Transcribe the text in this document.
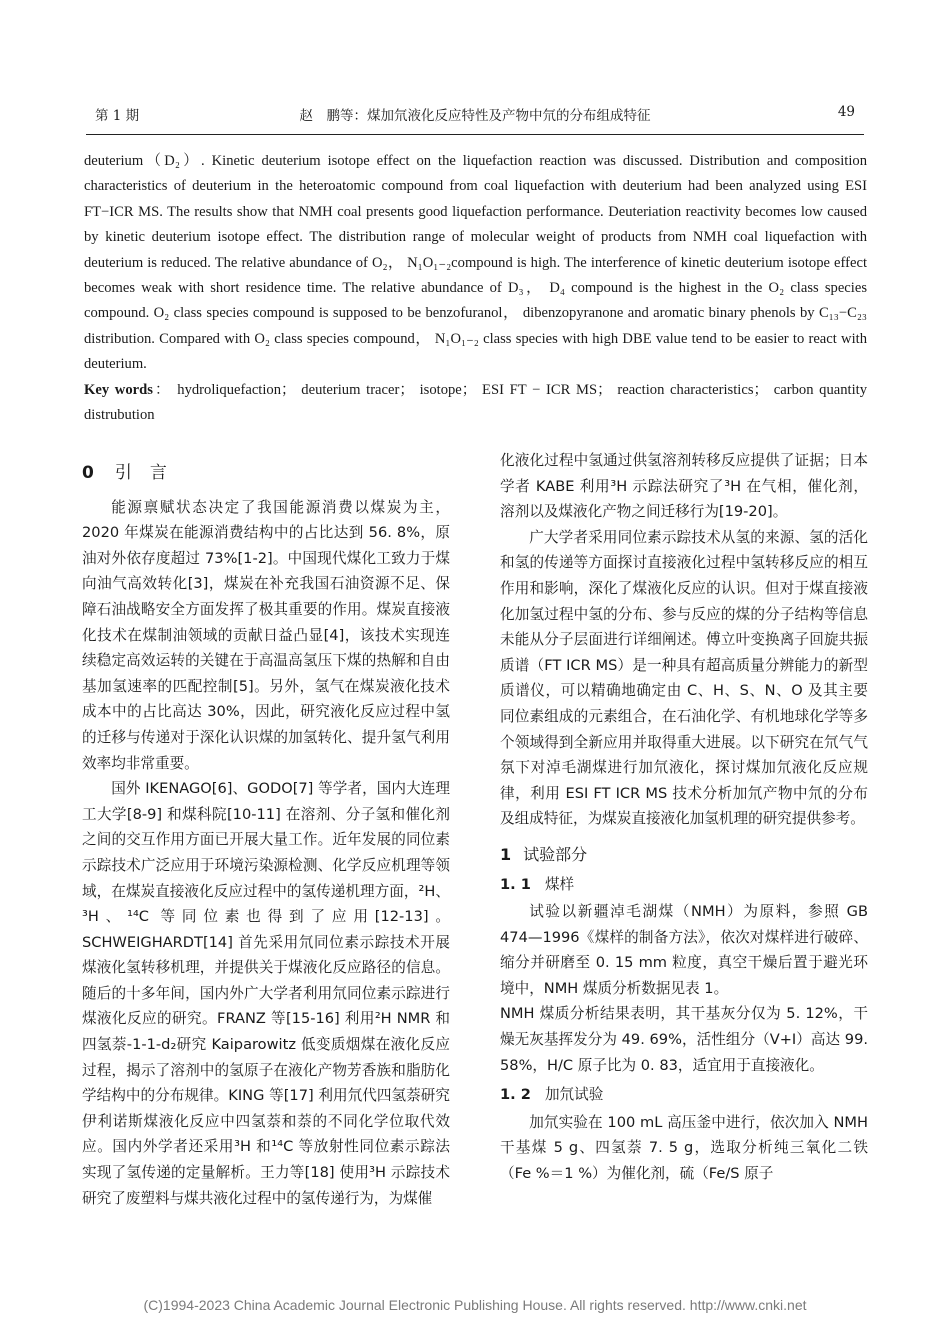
第 1 期	赵　鹏等：煤加氘液化反应特性及产物中氘的分布组成特征	49

deuterium（D₂）. Kinetic deuterium isotope effect on the liquefaction reaction was discussed. Distribution and composition characteristics of deuterium in the heteroatomic compound from coal liquefaction with deuterium had been analyzed using ESI FT−ICR MS. The results show that NMH coal presents good liquefaction performance. Deuteriation reactivity becomes low caused by kinetic deuterium isotope effect. The distribution range of molecular weight of products from NMH coal liquefaction with deuterium is reduced. The relative abundance of O₂， N₁O₁₋₂compound is high. The interference of kinetic deuterium isotope effect becomes weak with short residence time. The relative abundance of D₃， D₄ compound is the highest in the O₂ class species compound. O₂ class species compound is supposed to be benzofuranol， dibenzopyranone and aromatic binary phenols by C₁₃−C₂₃ distribution. Compared with O₂ class species compound， N₁O₁₋₂ class species with high DBE value tend to be easier to react with deuterium.

Key words： hydroliquefaction； deuterium tracer； isotope； ESI FT − ICR MS； reaction characteristics； carbon quantity distrubution

0 引言

能源禀赋状态决定了我国能源消费以煤炭为主，2020 年煤炭在能源消费结构中的占比达到 56. 8%，原油对外依存度超过 73%[1-2]。中国现代煤化工致力于煤向油气高效转化[3]，煤炭在补充我国石油资源不足、保障石油战略安全方面发挥了极其重要的作用。煤炭直接液化技术在煤制油领域的贡献日益凸显[4]，该技术实现连续稳定高效运转的关键在于高温高氢压下煤的热解和自由基加氢速率的匹配控制[5]。另外，氢气在煤炭液化技术成本中的占比高达 30%，因此，研究液化反应过程中氢的迁移与传递对于深化认识煤的加氢转化、提升氢气利用效率均非常重要。

国外 IKENAGO[6]、GODO[7] 等学者，国内大连理工大学[8-9] 和煤科院[10-11] 在溶剂、分子氢和催化剂之间的交互作用方面已开展大量工作。近年发展的同位素示踪技术广泛应用于环境污染源检测、化学反应机理等领域，在煤炭直接液化反应过程中的氢传递机理方面，²H、³H、¹⁴C 等同位素也得到了应用[12-13]。SCHWEIGHARDT[14] 首先采用氘同位素示踪技术开展煤液化氢转移机理，并提供关于煤液化反应路径的信息。随后的十多年间，国内外广大学者利用氘同位素示踪进行煤液化反应的研究。FRANZ 等[15-16] 利用²H NMR 和四氢萘-1-1-d₂研究 Kaiparowitz 低变质烟煤在液化反应过程，揭示了溶剂中的氢原子在液化产物芳香族和脂肪化学结构中的分布规律。KING 等[17] 利用氘代四氢萘研究伊利诺斯煤液化反应中四氢萘和萘的不同化学位取代效应。国内外学者还采用³H 和¹⁴C 等放射性同位素示踪法实现了氢传递的定量解析。王力等[18] 使用³H 示踪技术研究了废塑料与煤共液化过程中的氢传递行为，为煤催

化液化过程中氢通过供氢溶剂转移反应提供了证据；日本学者 KABE 利用³H 示踪法研究了³H 在气相，催化剂，溶剂以及煤液化产物之间迁移行为[19-20]。

广大学者采用同位素示踪技术从氢的来源、氢的活化和氢的传递等方面探讨直接液化过程中氢转移反应的相互作用和影响，深化了煤液化反应的认识。但对于煤直接液化加氢过程中氢的分布、参与反应的煤的分子结构等信息未能从分子层面进行详细阐述。傅立叶变换离子回旋共振质谱（FT ICR MS）是一种具有超高质量分辨能力的新型质谱仪，可以精确地确定由 C、H、S、N、O 及其主要同位素组成的元素组合，在石油化学、有机地球化学等多个领域得到全新应用并取得重大进展。以下研究在氘气气氛下对淖毛湖煤进行加氘液化，探讨煤加氘液化反应规律，利用 ESI FT ICR MS 技术分析加氘产物中氘的分布及组成特征，为煤炭直接液化加氢机理的研究提供参考。

1 试验部分
1. 1 煤样

试验以新疆淖毛湖煤（NMH）为原料，参照 GB 474—1996《煤样的制备方法》，依次对煤样进行破碎、缩分并研磨至 0. 15 mm 粒度，真空干燥后置于避光环境中，NMH 煤质分析数据见表 1。

NMH 煤质分析结果表明，其干基灰分仅为 5. 12%，干燥无灰基挥发分为 49. 69%，活性组分（V+I）高达 99. 58%，H/C 原子比为 0. 83，适宜用于直接液化。

1. 2 加氘试验

加氘实验在 100 mL 高压釜中进行，依次加入 NMH 干基煤 5 g、四氢萘 7. 5 g，选取分析纯三氧化二铁（Fe %＝1 %）为催化剂，硫（Fe/S 原子

(C)1994-2023 China Academic Journal Electronic Publishing House. All rights reserved. http://www.cnki.net
